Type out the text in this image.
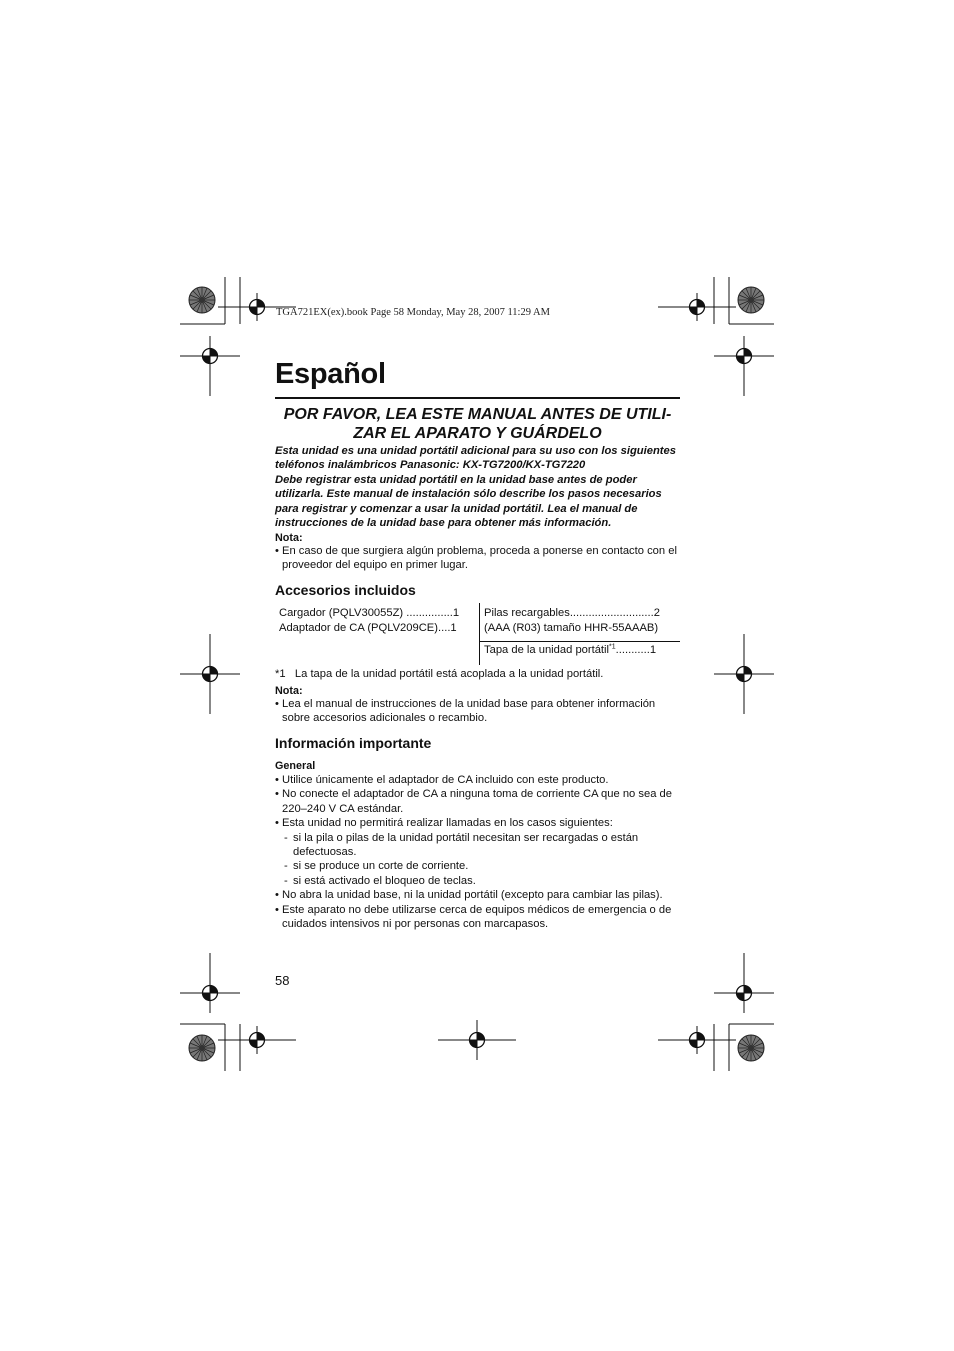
TGA721EX(ex).book Page 58 Monday, May 28, 2007 11:29 AM
Español
POR FAVOR, LEA ESTE MANUAL ANTES DE UTILI-
ZAR EL APARATO Y GUÁRDELO

Esta unidad es una unidad portátil adicional para su uso con los siguientes teléfonos inalámbricos Panasonic: KX-TG7200/KX-TG7220

Debe registrar esta unidad portátil en la unidad base antes de poder utilizarla. Este manual de instalación sólo describe los pasos necesarios para registrar y comenzar a usar la unidad portátil. Lea el manual de instrucciones de la unidad base para obtener más información.

Nota:

• En caso de que surgiera algún problema, proceda a ponerse en contacto con el proveedor del equipo en primer lugar.
Accesorios incluidos
Cargador (PQLV30055Z) ...............1
Adaptador de CA (PQLV209CE)....1
Pilas recargables...........................2
(AAA (R03) tamaño HHR-55AAAB)
Tapa de la unidad portátil$^{*1}$...........1
*1   La tapa de la unidad portátil está acoplada a la unidad portátil.

Nota:

• Lea el manual de instrucciones de la unidad base para obtener información sobre accesorios adicionales o recambio.
Información importante

General

• Utilice únicamente el adaptador de CA incluido con este producto.
• No conecte el adaptador de CA a ninguna toma de corriente CA que no sea de 220–240 V CA estándar.
• Esta unidad no permitirá realizar llamadas en los casos siguientes:
- si la pila o pilas de la unidad portátil necesitan ser recargadas o están defectuosas.
- si se produce un corte de corriente.
- si está activado el bloqueo de teclas.
• No abra la unidad base, ni la unidad portátil (excepto para cambiar las pilas).
• Este aparato no debe utilizarse cerca de equipos médicos de emergencia o de cuidados intensivos ni por personas con marcapasos.
58
